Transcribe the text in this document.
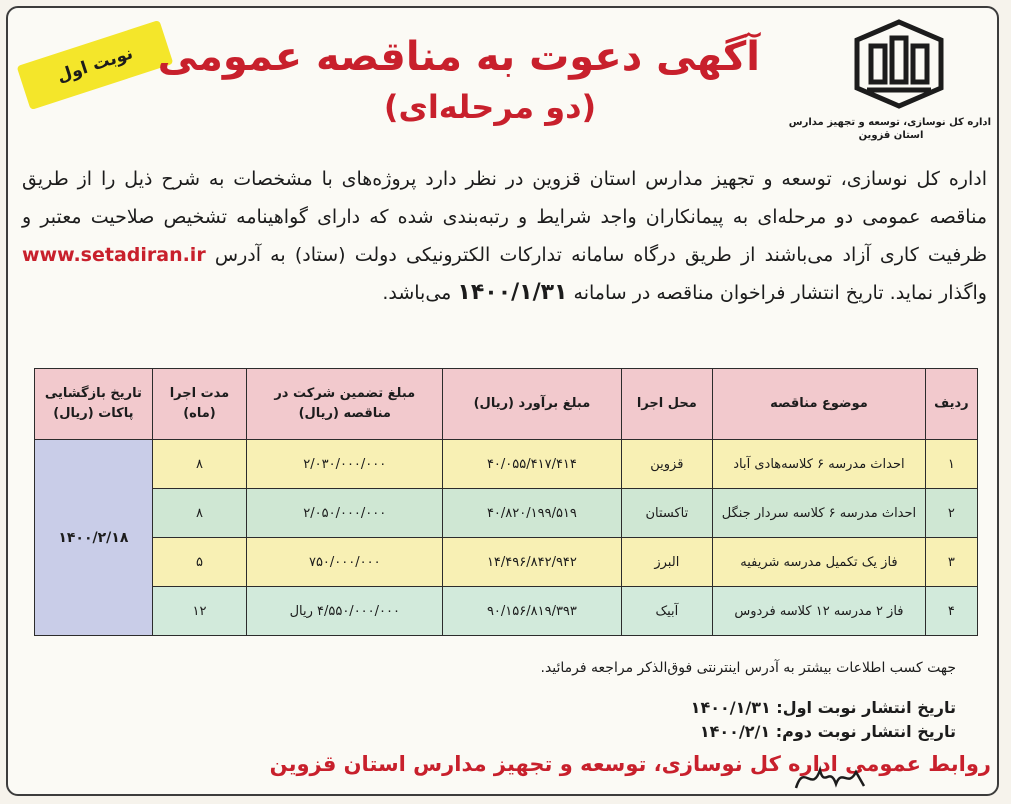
اداره کل نوسازی، توسعه و تجهیز مدارس
استان قزوین
نوبت اول آگهی دعوت به مناقصه عمومی
(دو مرحله‌ای)
اداره کل نوسازی، توسعه و تجهیز مدارس استان قزوین در نظر دارد پروژه‌های با مشخصات به شرح ذیل را از طریق مناقصه عمومی دو مرحله‌ای به پیمانکاران واجد شرایط و رتبه‌بندی شده که دارای گواهینامه تشخیص صلاحیت معتبر و ظرفیت کاری آزاد می‌باشند از طریق درگاه سامانه تدارکات الکترونیکی دولت (ستاد) به آدرس www.setadiran.ir واگذار نماید. تاریخ انتشار فراخوان مناقصه در سامانه ۱۴۰۰/۱/۳۱ می‌باشد.
ردیف	موضوع مناقصه	محل اجرا	مبلغ برآورد (ریال)	مبلغ تضمین شرکت در مناقصه (ریال)	مدت اجرا (ماه)	تاریخ بازگشایی پاکات (ریال)
۱	احداث مدرسه ۶ کلاسه‌هادی آباد	قزوین	۴۰/۰۵۵/۴۱۷/۴۱۴	۲/۰۳۰/۰۰۰/۰۰۰	۸	۱۴۰۰/۲/۱۸
۲	احداث مدرسه ۶ کلاسه سردار جنگل	تاکستان	۴۰/۸۲۰/۱۹۹/۵۱۹	۲/۰۵۰/۰۰۰/۰۰۰	۸	
۳	فاز یک تکمیل مدرسه شریفیه	البرز	۱۴/۴۹۶/۸۴۲/۹۴۲	۷۵۰/۰۰۰/۰۰۰	۵	
۴	فاز ۲ مدرسه ۱۲ کلاسه فردوس	آبیک	۹۰/۱۵۶/۸۱۹/۳۹۳	۴/۵۵۰/۰۰۰/۰۰۰ ریال	۱۲	
جهت کسب اطلاعات بیشتر به آدرس اینترنتی فوق‌الذکر مراجعه فرمائید.
تاریخ انتشار نوبت اول: ۱۴۰۰/۱/۳۱
تاریخ انتشار نوبت دوم: ۱۴۰۰/۲/۱
روابط عمومی اداره کل نوسازی، توسعه و تجهیز مدارس استان قزوین
